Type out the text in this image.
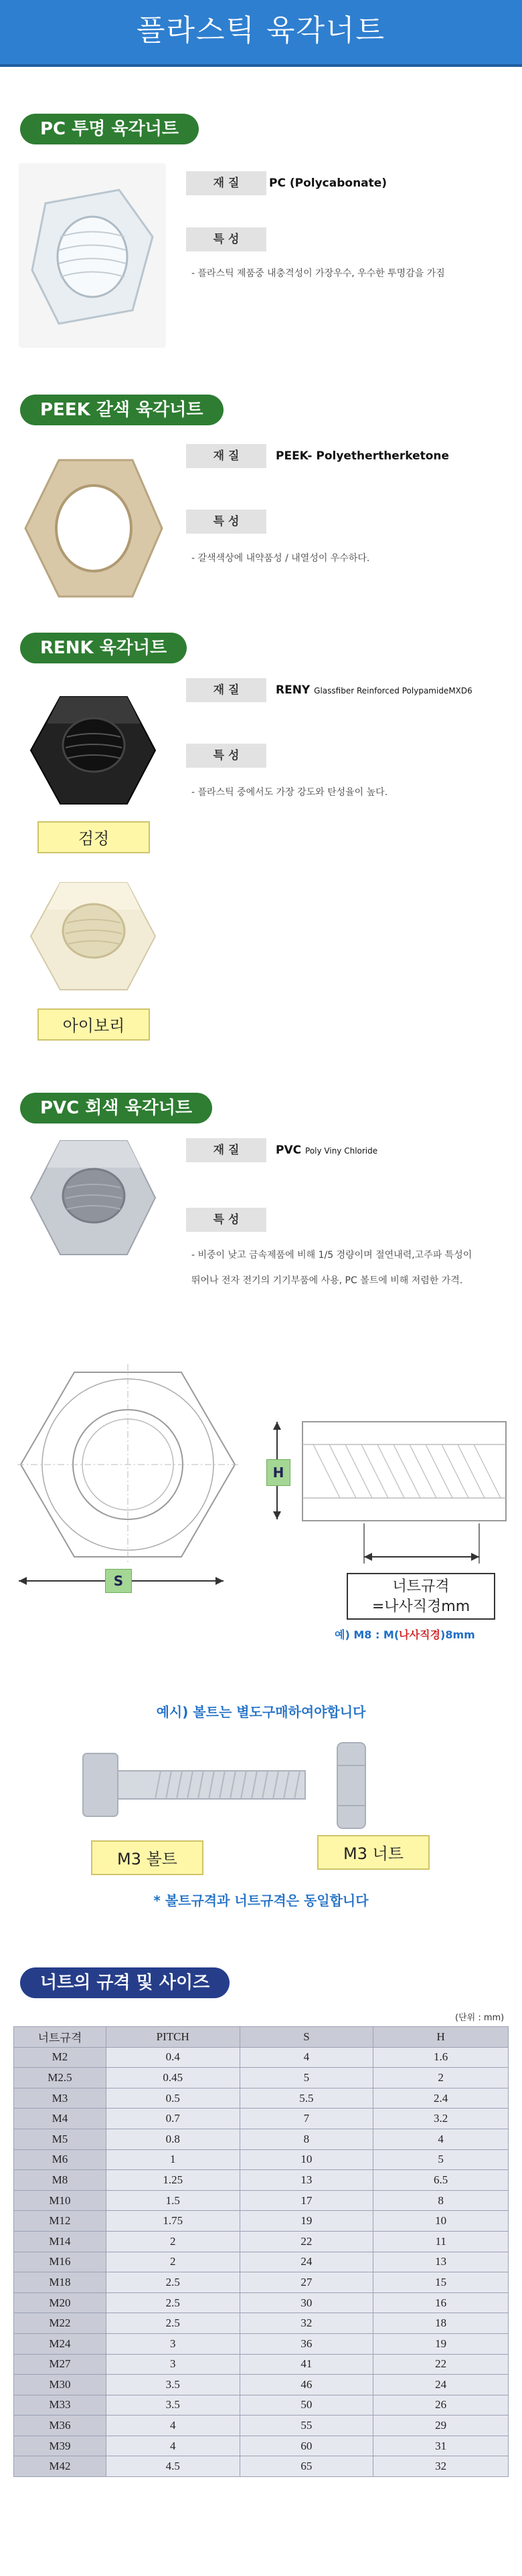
플라스틱 육각너트
PC 투명 육각너트
재 질	PC (Polycabonate)
특 성
- 플라스틱 제품중 내충격성이 가장우수, 우수한 투명감을 가짐
PEEK 갈색 육각너트
재 질	PEEK- Polyethertherketone
특 성
- 갈색색상에 내약품성 / 내열성이 우수하다.
RENK 육각너트
검정
재 질	RENY Glassfiber Reinforced PolypamideMXD6
특 성
- 플라스틱 중에서도 가장 강도와 탄성율이 높다.
아이보리
PVC 회색 육각너트
재 질	PVC Poly Viny Chloride
특 성
- 비중이 낮고 금속제품에 비해 1/5 경량이며 절연내력,고주파 특성이
뛰어나 전자 전기의 기기부품에 사용, PC 볼트에 비해 저렴한 가격.
S
H
너트규격
=나사직경mm
예) M8 : M(나사직경)8mm
예시) 볼트는 별도구매하여야합니다
M3 볼트	M3 너트
* 볼트규격과 너트규격은 동일합니다
너트의 규격 및 사이즈
(단위 : mm)
너트규격	PITCH	S	H
M2	0.4	4	1.6
M2.5	0.45	5	2
M3	0.5	5.5	2.4
M4	0.7	7	3.2
M5	0.8	8	4
M6	1	10	5
M8	1.25	13	6.5
M10	1.5	17	8
M12	1.75	19	10
M14	2	22	11
M16	2	24	13
M18	2.5	27	15
M20	2.5	30	16
M22	2.5	32	18
M24	3	36	19
M27	3	41	22
M30	3.5	46	24
M33	3.5	50	26
M36	4	55	29
M39	4	60	31
M42	4.5	65	32
